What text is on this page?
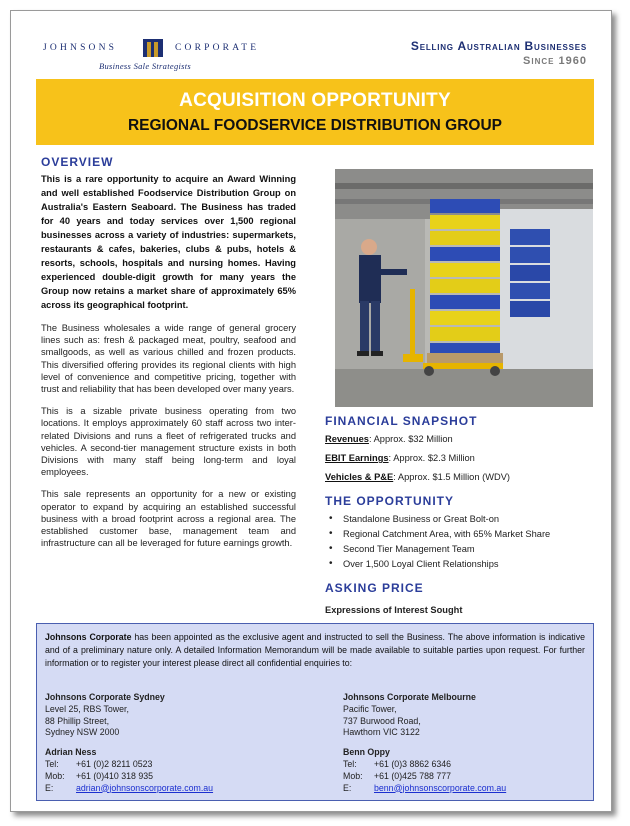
JOHNSONS	CORPORATE
Business Sale Strategists
Selling Australian Businesses
Since 1960
ACQUISITION OPPORTUNITY
REGIONAL FOODSERVICE DISTRIBUTION GROUP
OVERVIEW

This is a rare opportunity to acquire an Award Winning and well established Foodservice Distribution Group on Australia's Eastern Seaboard. The Business has traded for 40 years and today services over 1,500 regional businesses across a variety of industries: supermarkets, restaurants & cafes, bakeries, clubs & pubs, hotels & resorts, schools, hospitals and nursing homes. Having experienced double-digit growth for many years the Group now retains a market share of approximately 65% across its geographical footprint.

The Business wholesales a wide range of general grocery lines such as: fresh & packaged meat, poultry, seafood and smallgoods, as well as various chilled and frozen products. This diversified offering provides its regional clients with high level of convenience and competitive pricing, together with trust and reliability that has been developed over many years.

This is a sizable private business operating from two locations. It employs approximately 60 staff across two inter-related Divisions and runs a fleet of refrigerated trucks and vehicles. A second-tier management structure exists in both Divisions with many staff being long-term and loyal employees.

This sale represents an opportunity for a new or existing operator to expand by acquiring an established successful business with a broad footprint across a regional area. The established customer base, management team and infrastructure can all be leveraged for future earnings growth.

FINANCIAL SNAPSHOT
Revenues: Approx. $32 Million
EBIT Earnings: Approx. $2.3 Million
Vehicles & P&E: Approx. $1.5 Million (WDV)
THE OPPORTUNITY
• Standalone Business or Great Bolt-on
• Regional Catchment Area, with 65% Market Share
• Second Tier Management Team
• Over 1,500 Loyal Client Relationships
ASKING PRICE
Expressions of Interest Sought
Johnsons Corporate has been appointed as the exclusive agent and instructed to sell the Business. The above information is indicative and of a preliminary nature only. A detailed Information Memorandum will be made available to suitable parties upon request. For further information or to register your interest please direct all confidential enquiries to:
Johnsons Corporate Sydney
Level 25, RBS Tower,
88 Phillip Street,
Sydney NSW 2000
Adrian Ness
Tel:	+61 (0)2 8211 0523
Mob:	+61 (0)410 318 935
E:	adrian@johnsonscorporate.com.au
Johnsons Corporate Melbourne
Pacific Tower,
737 Burwood Road,
Hawthorn VIC 3122
Benn Oppy
Tel:	+61 (0)3 8862 6346
Mob:	+61 (0)425 788 777
E:	benn@johnsonscorporate.com.au
